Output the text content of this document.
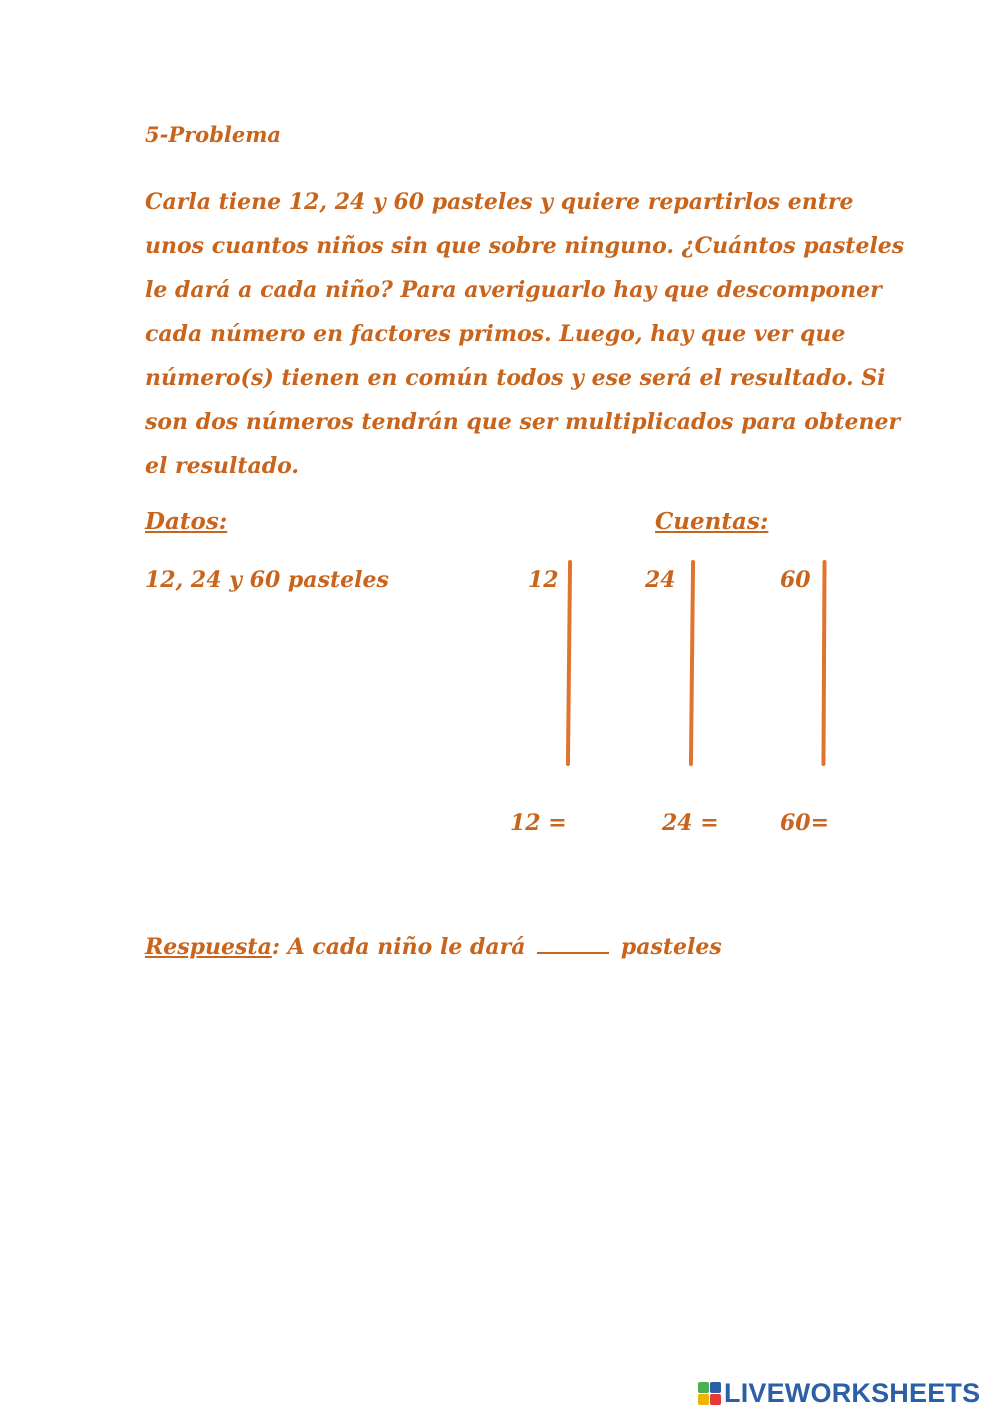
5-Problema

Carla tiene 12, 24 y 60 pasteles y quiere repartirlos entre

unos cuantos niños sin que sobre ninguno. ¿Cuántos pasteles

le dará a cada niño? Para averiguarlo hay que descomponer

cada número en factores primos. Luego, hay que ver que

número(s) tienen en común todos y ese será el resultado. Si

son dos números tendrán que ser multiplicados para obtener

el resultado.

Datos:	Cuentas:
12, 24 y 60 pasteles	12	24	60
12 =	24 =	60=
Respuesta: A cada niño le dará	pasteles
LIVEWORKSHEETS
